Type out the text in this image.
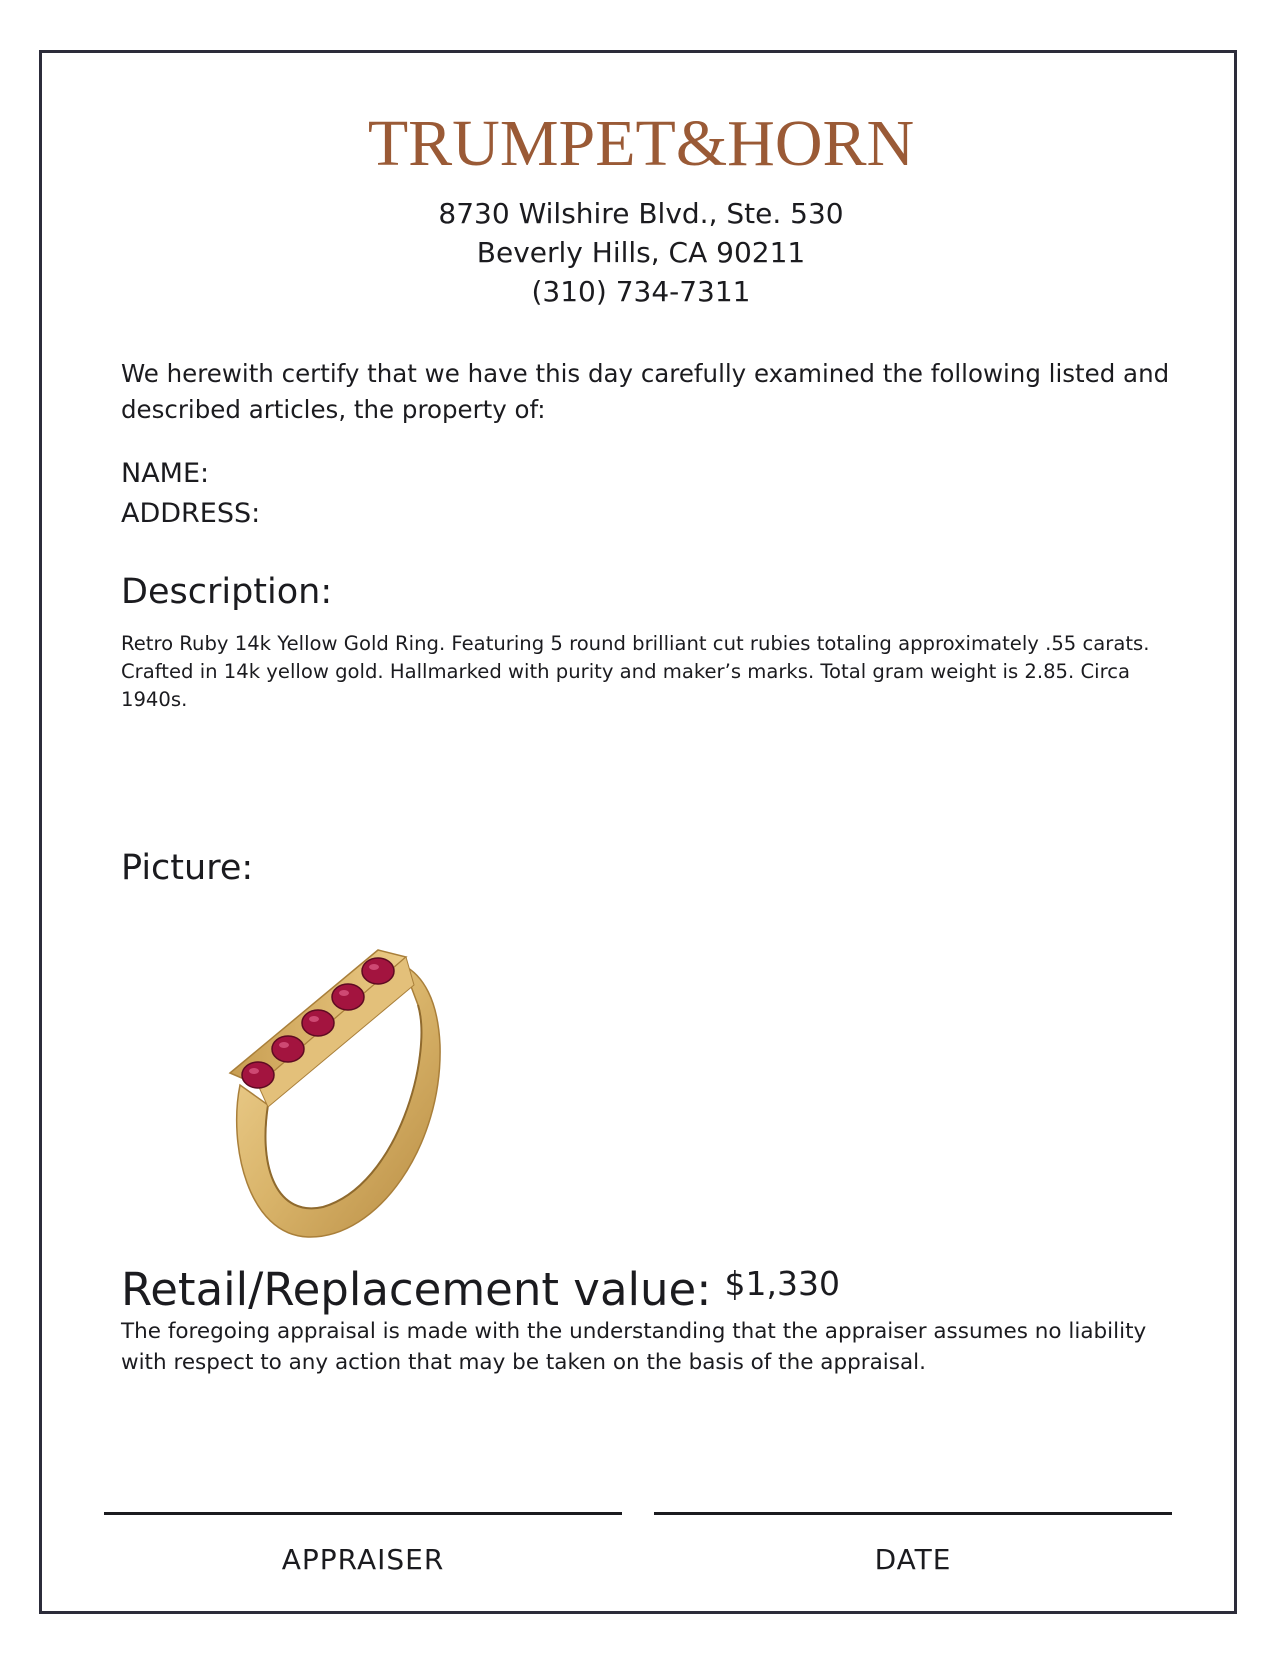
TRUMPET&HORN
8730 Wilshire Blvd., Ste. 530
Beverly Hills, CA 90211
(310) 734-7311
We herewith certify that we have this day carefully examined the following listed and described articles, the property of:
NAME:
ADDRESS:
Description:
Retro Ruby 14k Yellow Gold Ring. Featuring 5 round brilliant cut rubies totaling approximately .55 carats. Crafted in 14k yellow gold. Hallmarked with purity and maker’s marks. Total gram weight is 2.85. Circa 1940s.
Picture:
Retail/Replacement value: $1,330
The foregoing appraisal is made with the understanding that the appraiser assumes no liability with respect to any action that may be taken on the basis of the appraisal.
APPRAISER	DATE
